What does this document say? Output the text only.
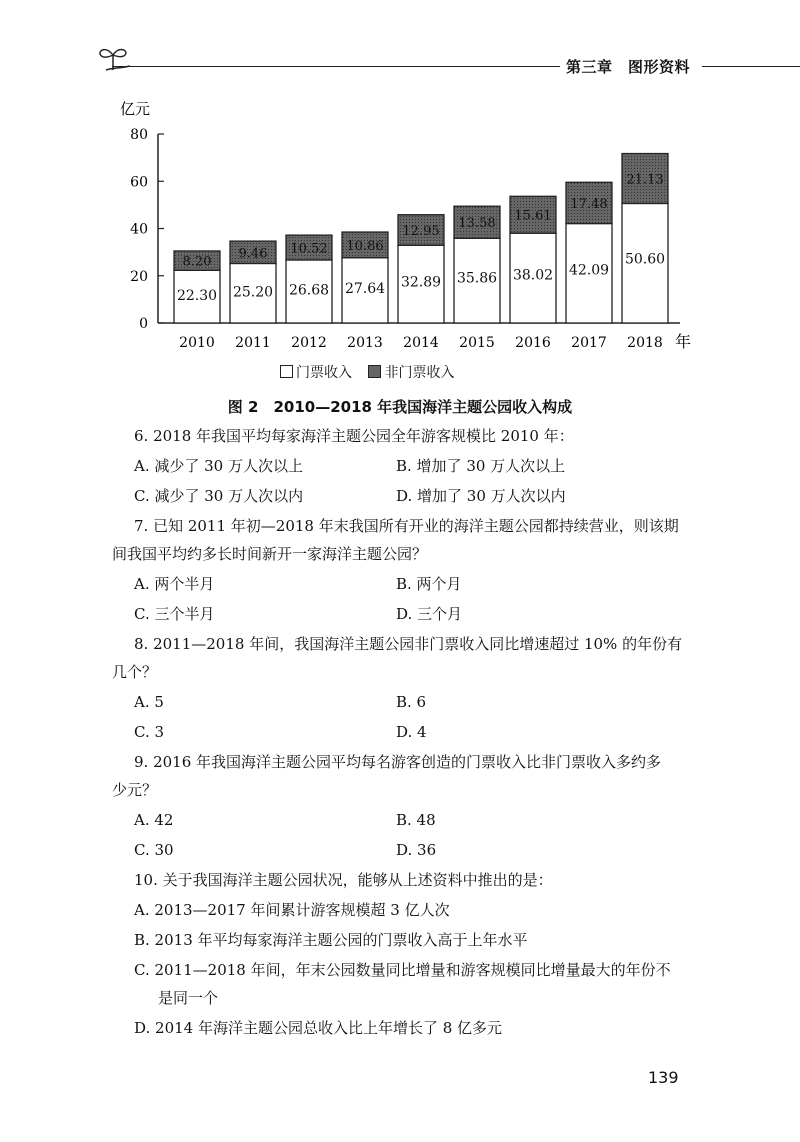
第三章　图形资料
亿元
0
20
40
60
80
22.30
8.20
25.20
9.46
26.68
10.52
27.64
10.86
32.89
12.95
35.86
13.58
38.02
15.61
42.09
17.48
50.60
21.13
2010 2011 2012 2013 2014 2015 2016 2017 2018 年
门票收入 非门票收入
图 2　2010—2018 年我国海洋主题公园收入构成
6. 2018 年我国平均每家海洋主题公园全年游客规模比 2010 年：
A. 减少了 30 万人次以上	B. 增加了 30 万人次以上
C. 减少了 30 万人次以内	D. 增加了 30 万人次以内
7. 已知 2011 年初—2018 年末我国所有开业的海洋主题公园都持续营业，则该期
间我国平均约多长时间新开一家海洋主题公园？
A. 两个半月	B. 两个月
C. 三个半月	D. 三个月
8. 2011—2018 年间，我国海洋主题公园非门票收入同比增速超过 10% 的年份有
几个？
A. 5	B. 6
C. 3	D. 4
9. 2016 年我国海洋主题公园平均每名游客创造的门票收入比非门票收入多约多
少元？
A. 42	B. 48
C. 30	D. 36
10. 关于我国海洋主题公园状况，能够从上述资料中推出的是：
A. 2013—2017 年间累计游客规模超 3 亿人次
B. 2013 年平均每家海洋主题公园的门票收入高于上年水平
C. 2011—2018 年间，年末公园数量同比增量和游客规模同比增量最大的年份不
是同一个
D. 2014 年海洋主题公园总收入比上年增长了 8 亿多元
139
